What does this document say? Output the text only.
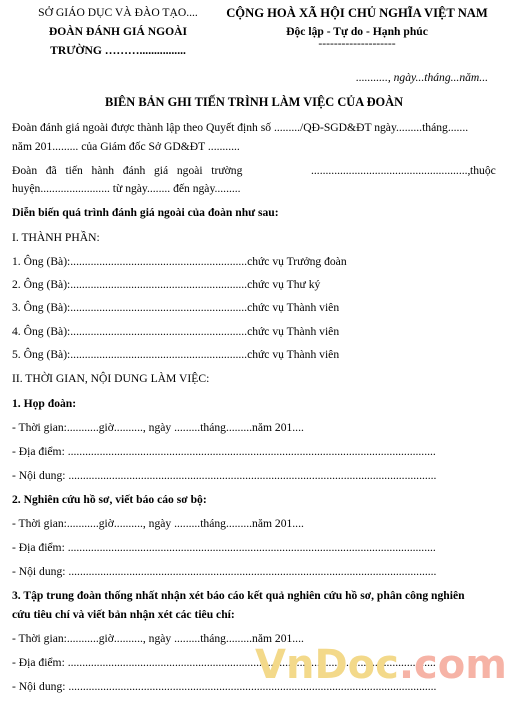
SỞ GIÁO DỤC VÀ ĐÀO TẠO....
ĐOÀN ĐÁNH GIÁ NGOÀI
TRƯỜNG ………................
CỘNG HOÀ XÃ HỘI CHỦ NGHĨA VIỆT NAM
Độc lập - Tự do - Hạnh phúc
--------------------
..........., ngày...tháng...năm...
BIÊN BẢN GHI TIẾN TRÌNH LÀM VIỆC CỦA ĐOÀN
Đoàn đánh giá ngoài được thành lập theo Quyết định số ........./QĐ-SGD&ĐT ngày.........tháng.......
năm 201......... của Giám đốc Sở GD&ĐT ...........
Đoàn   đã   tiến   hành   đánh   giá   ngoài   trường	......................................................, thuộc
huyện........................ từ ngày........ đến ngày.........
Diễn biến quá trình đánh giá ngoài của đoàn như sau:
I. THÀNH PHẦN:
1. Ông (Bà):.............................................................chức vụ Trưởng đoàn
2. Ông (Bà):.............................................................chức vụ Thư ký
3. Ông (Bà):.............................................................chức vụ Thành viên
4. Ông (Bà):.............................................................chức vụ Thành viên
5. Ông (Bà):.............................................................chức vụ Thành viên
II. THỜI GIAN, NỘI DUNG LÀM VIỆC:
1. Họp đoàn:
- Thời gian:...........giờ.........., ngày .........tháng.........năm 201....
- Địa điểm: ...............................................................................................................................
- Nội dung: ...............................................................................................................................
2. Nghiên cứu hồ sơ, viết báo cáo sơ bộ:
- Thời gian:...........giờ.........., ngày .........tháng.........năm 201....
- Địa điểm: ...............................................................................................................................
- Nội dung: ...............................................................................................................................
3. Tập trung đoàn thống nhất nhận xét báo cáo kết quả nghiên cứu hồ sơ, phân công nghiên
cứu tiêu chí và viết bản nhận xét các tiêu chí:
- Thời gian:...........giờ.........., ngày .........tháng.........năm 201....
- Địa điểm: ...............................................................................................................................
- Nội dung: ...............................................................................................................................
VnDoc.com
